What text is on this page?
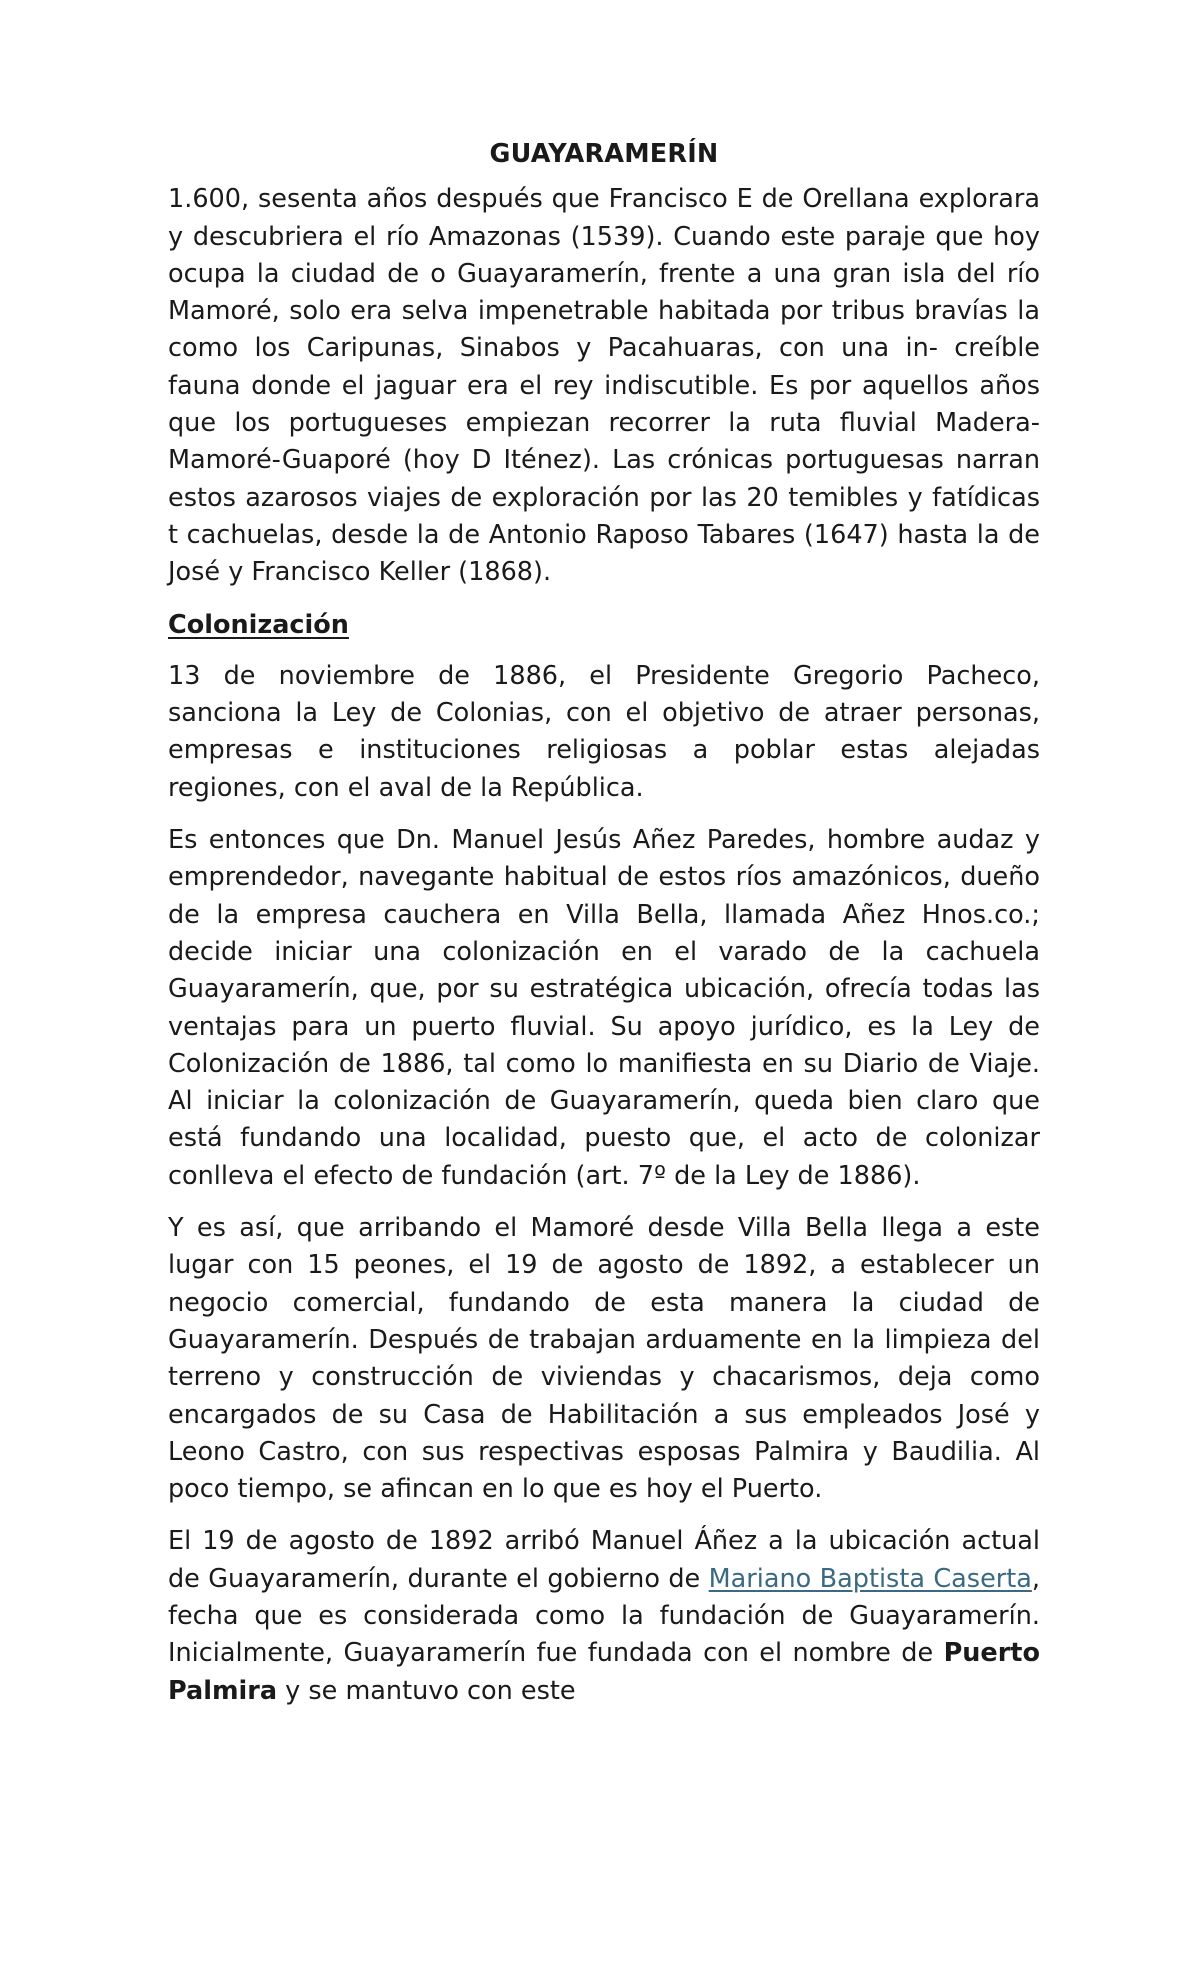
GUAYARAMERÍN

1.600, sesenta años después que Francisco E de Orellana explorara y descubriera el río Amazonas (1539). Cuando este paraje que hoy ocupa la ciudad de o Guayaramerín, frente a una gran isla del río Mamoré, solo era selva impenetrable habitada por tribus bravías la como los Caripunas, Sinabos y Pacahuaras, con una in- creíble fauna donde el jaguar era el rey indiscutible. Es por aquellos años que los portugueses empiezan recorrer la ruta fluvial Madera-Mamoré-Guaporé (hoy D Iténez). Las crónicas portuguesas narran estos azarosos viajes de exploración por las 20 temibles y fatídicas t cachuelas, desde la de Antonio Raposo Tabares (1647) hasta la de José y Francisco Keller (1868).

Colonización

13 de noviembre de 1886, el Presidente Gregorio Pacheco, sanciona la Ley de Colonias, con el objetivo de atraer personas, empresas e instituciones religiosas a poblar estas alejadas regiones, con el aval de la República.

Es entonces que Dn. Manuel Jesús Añez Paredes, hombre audaz y emprendedor, navegante habitual de estos ríos amazónicos, dueño de la empresa cauchera en Villa Bella, llamada Añez Hnos.co.; decide iniciar una colonización en el varado de la cachuela Guayaramerín, que, por su estratégica ubicación, ofrecía todas las ventajas para un puerto fluvial. Su apoyo jurídico, es la Ley de Colonización de 1886, tal como lo manifiesta en su Diario de Viaje. Al iniciar la colonización de Guayaramerín, queda bien claro que está fundando una localidad, puesto que, el acto de colonizar conlleva el efecto de fundación (art. 7º de la Ley de 1886).

Y es así, que arribando el Mamoré desde Villa Bella llega a este lugar con 15 peones, el 19 de agosto de 1892, a establecer un negocio comercial, fundando de esta manera la ciudad de Guayaramerín. Después de trabajan arduamente en la limpieza del terreno y construcción de viviendas y chacarismos, deja como encargados de su Casa de Habilitación a sus empleados José y Leono Castro, con sus respectivas esposas Palmira y Baudilia. Al poco tiempo, se afincan en lo que es hoy el Puerto.

El 19 de agosto de 1892 arribó Manuel Áñez a la ubicación actual de Guayaramerín, durante el gobierno de Mariano Baptista Caserta, fecha que es considerada como la fundación de Guayaramerín. Inicialmente, Guayaramerín fue fundada con el nombre de Puerto Palmira y se mantuvo con este
